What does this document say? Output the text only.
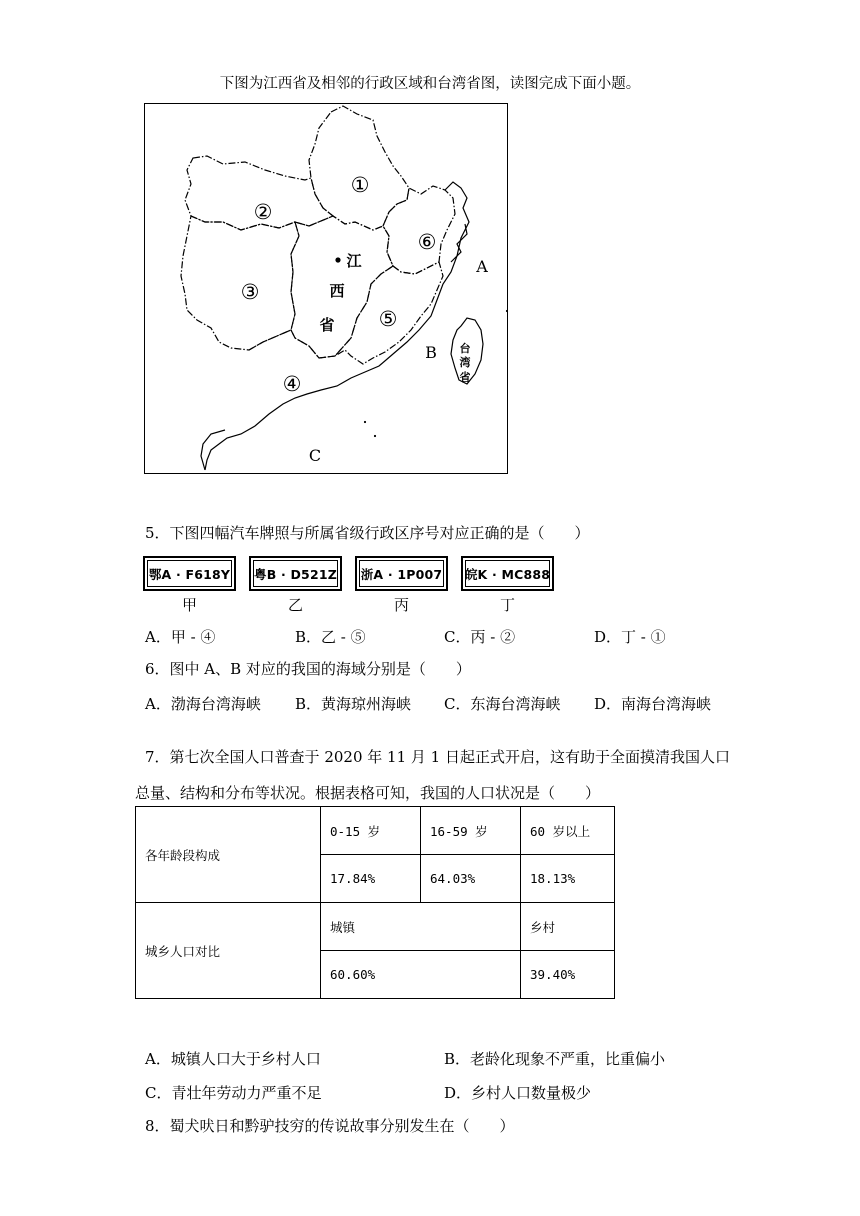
下图为江西省及相邻的行政区域和台湾省图，读图完成下面小题。
①
②
③
④
⑤
⑥
江
西
省
台
湾
省
A
B
C
5．下图四幅汽车牌照与所属省级行政区序号对应正确的是（　　）
鄂A · F618Y
甲
粤B · D521Z
乙
浙A · 1P007
丙
皖K · MC888
丁
A．甲 - ④	B．乙 - ⑤	C．丙 - ②	D．丁 - ①
6．图中 A、B 对应的我国的海域分别是（　　）
A．渤海台湾海峡 B．黄海琼州海峡 C．东海台湾海峡 D．南海台湾海峡
7．第七次全国人口普查于 2020 年 11 月 1 日起正式开启，这有助于全面摸清我国人口
总量、结构和分布等状况。根据表格可知，我国的人口状况是（　　）
各年龄段构成	0-15 岁	16-59 岁	60 岁以上
	17.84%	64.03%	18.13%
城乡人口对比	城镇		乡村
	60.60%		39.40%
A．城镇人口大于乡村人口	B．老龄化现象不严重，比重偏小
C．青壮年劳动力严重不足	D．乡村人口数量极少
8．蜀犬吠日和黔驴技穷的传说故事分别发生在（　　）
